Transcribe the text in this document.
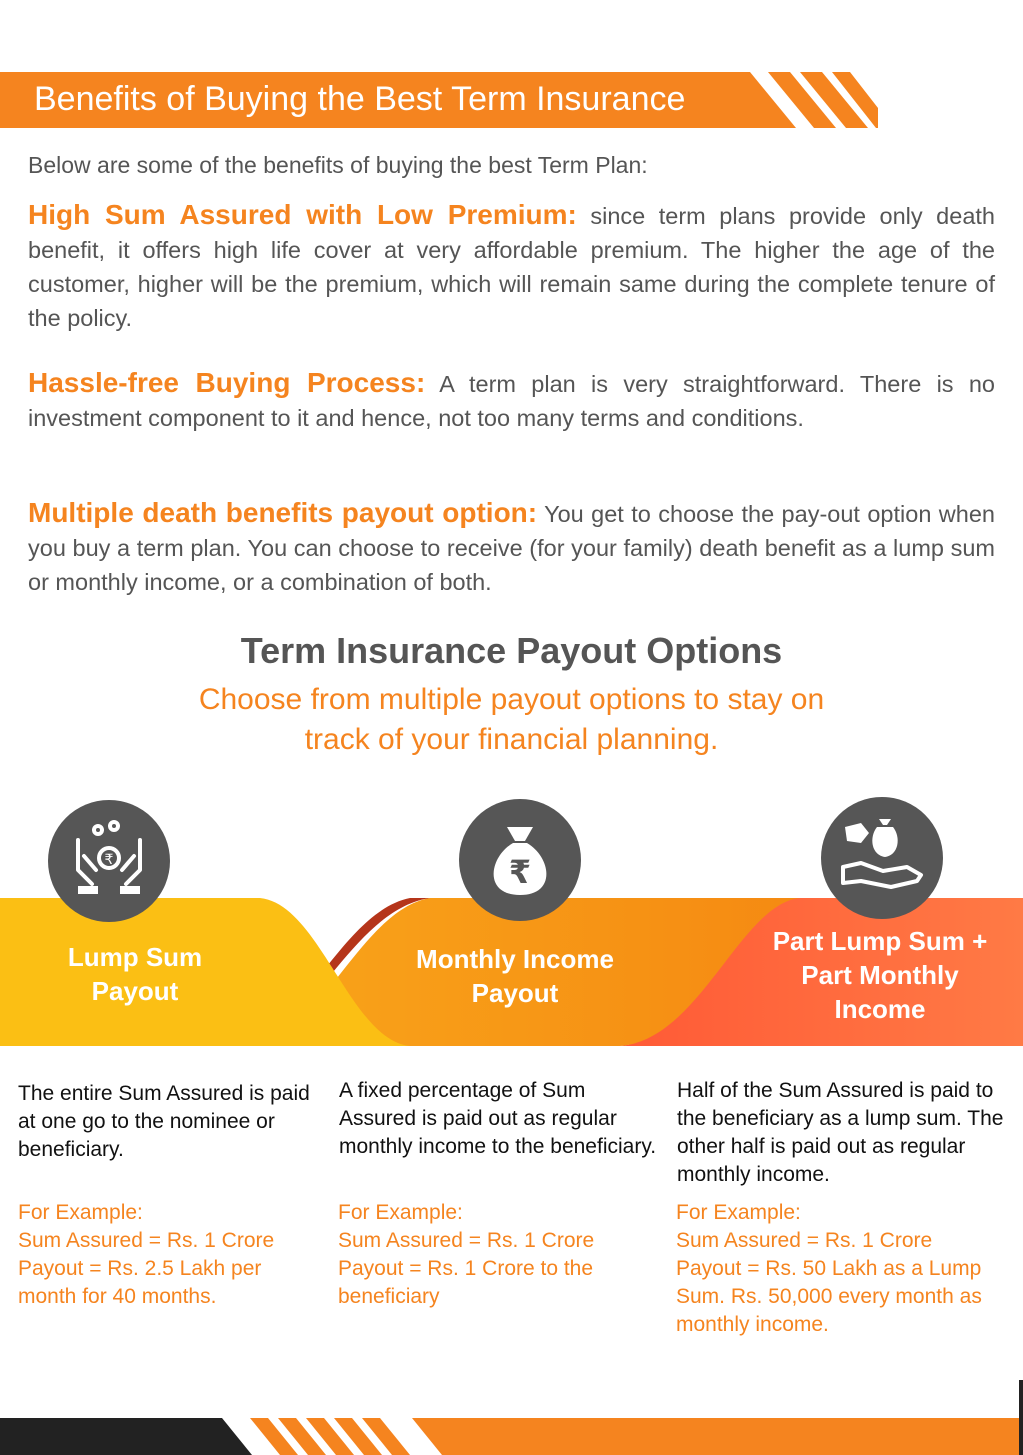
Benefits of Buying the Best Term Insurance
Below are some of the benefits of buying the best Term Plan:
High Sum Assured with Low Premium: since term plans provide only death benefit, it offers high life cover at very affordable premium. The higher the age of the customer, higher will be the premium, which will remain same during the complete tenure of the policy.
Hassle-free Buying Process: A term plan is very straightforward. There is no investment component to it and hence, not too many terms and conditions.
Multiple death benefits payout option: You get to choose the pay-out option when you buy a term plan. You can choose to receive (for your family) death benefit as a lump sum or monthly income, or a combination of both.
Term Insurance Payout Options
Choose from multiple payout options to stay on
track of your financial planning.
Lump Sum
Payout
Monthly Income
Payout
Part Lump Sum +
Part Monthly
Income
₹	₹
The entire Sum Assured is paid at one go to the nominee or beneficiary.
A fixed percentage of Sum Assured is paid out as regular monthly income to the beneficiary.
Half of the Sum Assured is paid to the beneficiary as a lump sum. The other half is paid out as regular monthly income.
For Example:
Sum Assured = Rs. 1 Crore
Payout = Rs. 2.5 Lakh per month for 40 months.
For Example:
Sum Assured = Rs. 1 Crore
Payout = Rs. 1 Crore to the beneficiary
For Example:
Sum Assured = Rs. 1 Crore
Payout = Rs. 50 Lakh as a Lump Sum. Rs. 50,000 every month as monthly income.
